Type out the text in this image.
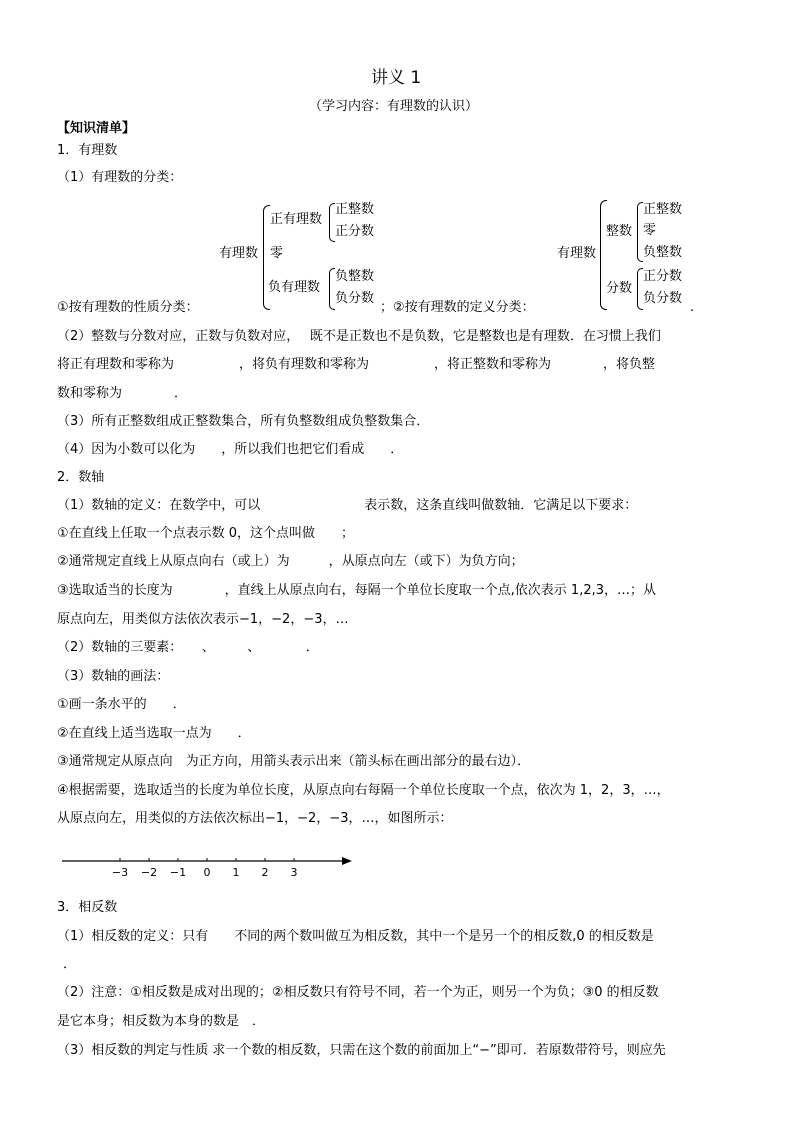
讲义 1
（学习内容：有理数的认识）
【知识清单】
1．有理数
（1）有理数的分类：
有理数
正有理数
正整数
正分数
零
负有理数
负整数
负分数
有理数
整数
正整数
零
负整数
分数
正分数
负分数
①按有理数的性质分类：	；②按有理数的定义分类：	.
（2）整数与分数对应，正数与负数对应，　 既不是正数也不是负数，它是整数也是有理数．在习惯上我们
将正有理数和零称为　　　　　，将负有理数和零称为　　　　　，将正整数和零称为　　　　，将负整
数和零称为　　　　．
（3）所有正整数组成正整数集合，所有负整数组成负整数集合．
（4）因为小数可以化为　　，所以我们也把它们看成　　．
2．数轴
（1）数轴的定义：在数学中，可以　　　　　　　　表示数，这条直线叫做数轴．它满足以下要求：
①在直线上任取一个点表示数 0，这个点叫做　　；
②通常规定直线上从原点向右（或上）为　　　，从原点向左（或下）为负方向；
③选取适当的长度为　　　　，直线上从原点向右，每隔一个单位长度取一个点,依次表示 1,2,3，…；从
原点向左，用类似方法依次表示−1，−2，−3，…
（2）数轴的三要素：　　、　　　、　　　　．
（3）数轴的画法：
①画一条水平的　　．
②在直线上适当选取一点为　　．
③通常规定从原点向　为正方向，用箭头表示出来（箭头标在画出部分的最右边）．
④根据需要，选取适当的长度为单位长度，从原点向右每隔一个单位长度取一个点，依次为 1，2，3，…，
从原点向左，用类似的方法依次标出−1，−2，−3，…，如图所示：
−3 −2 −1 0 1 2 3
3．相反数
（1）相反数的定义：只有　　不同的两个数叫做互为相反数，其中一个是另一个的相反数,0 的相反数是
．
（2）注意：①相反数是成对出现的；②相反数只有符号不同，若一个为正，则另一个为负；③0 的相反数
是它本身；相反数为本身的数是　．
（3）相反数的判定与性质 求一个数的相反数，只需在这个数的前面加上“−”即可．若原数带符号，则应先
